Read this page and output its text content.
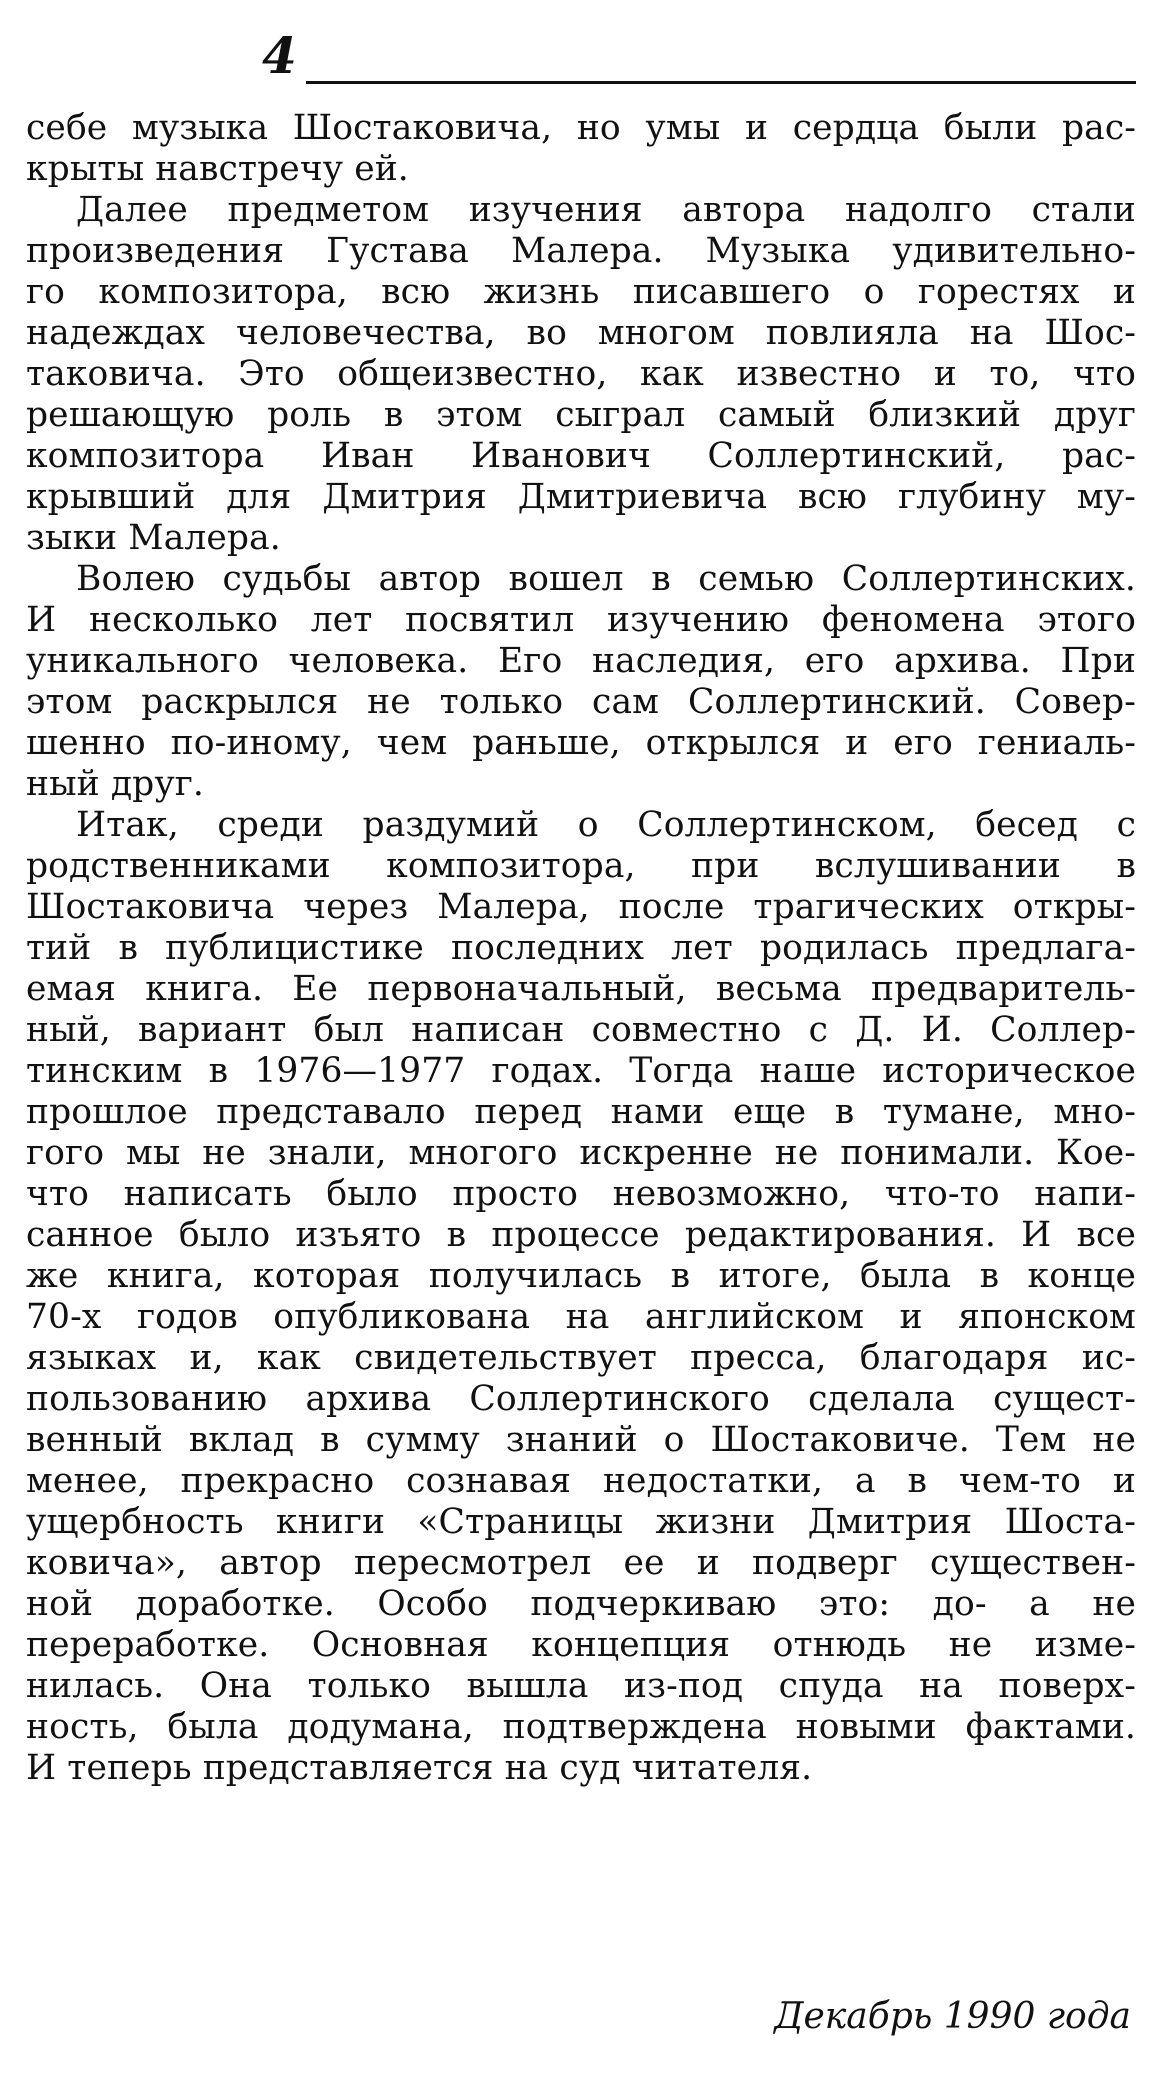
4
себе музыка Шостаковича, но умы и сердца были рас-
крыты навстречу ей.
Далее предметом изучения автора надолго стали
произведения Густава Малера. Музыка удивительно-
го композитора, всю жизнь писавшего о горестях и
надеждах человечества, во многом повлияла на Шос-
таковича. Это общеизвестно, как известно и то, что
решающую роль в этом сыграл самый близкий друг
композитора Иван Иванович Соллертинский, рас-
крывший для Дмитрия Дмитриевича всю глубину му-
зыки Малера.
Волею судьбы автор вошел в семью Соллертинских.
И несколько лет посвятил изучению феномена этого
уникального человека. Его наследия, его архива. При
этом раскрылся не только сам Соллертинский. Совер-
шенно по-иному, чем раньше, открылся и его гениаль-
ный друг.
Итак, среди раздумий о Соллертинском, бесед с
родственниками композитора, при вслушивании в
Шостаковича через Малера, после трагических откры-
тий в публицистике последних лет родилась предлага-
емая книга. Ее первоначальный, весьма предваритель-
ный, вариант был написан совместно с Д. И. Соллер-
тинским в 1976—1977 годах. Тогда наше историческое
прошлое представало перед нами еще в тумане, мно-
гого мы не знали, многого искренне не понимали. Кое-
что написать было просто невозможно, что-то напи-
санное было изъято в процессе редактирования. И все
же книга, которая получилась в итоге, была в конце
70-х годов опубликована на английском и японском
языках и, как свидетельствует пресса, благодаря ис-
пользованию архива Соллертинского сделала сущест-
венный вклад в сумму знаний о Шостаковиче. Тем не
менее, прекрасно сознавая недостатки, а в чем-то и
ущербность книги «Страницы жизни Дмитрия Шоста-
ковича», автор пересмотрел ее и подверг существен-
ной доработке. Особо подчеркиваю это: до- а не
переработке. Основная концепция отнюдь не изме-
нилась. Она только вышла из-под спуда на поверх-
ность, была додумана, подтверждена новыми фактами.
И теперь представляется на суд читателя.
Декабрь 1990 года
